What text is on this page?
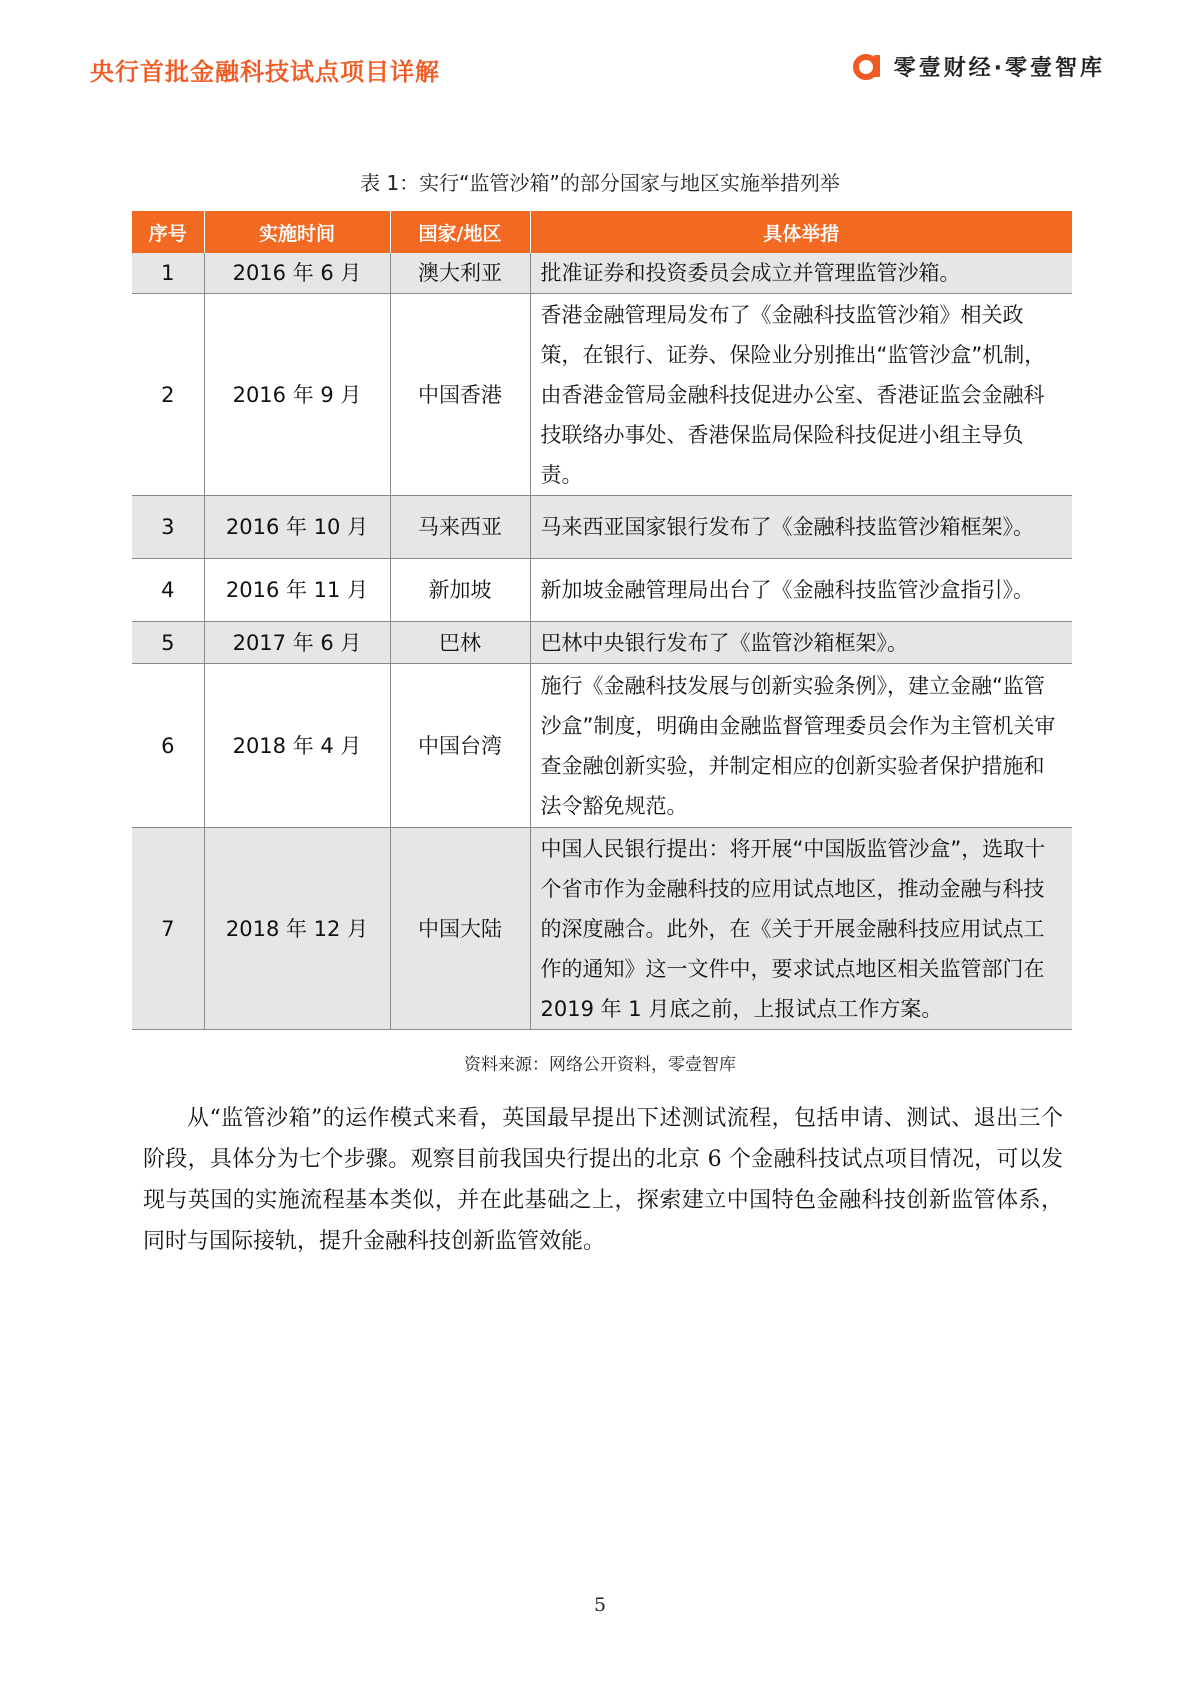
央行首批金融科技试点项目详解	零壹财经·零壹智库
表 1：实行“监管沙箱”的部分国家与地区实施举措列举
序号	实施时间	国家/地区	具体举措
1	2016 年 6 月	澳大利亚	批准证券和投资委员会成立并管理监管沙箱。
2	2016 年 9 月	中国香港	香港金融管理局发布了《金融科技监管沙箱》相关政策，在银行、证券、保险业分别推出“监管沙盒”机制，由香港金管局金融科技促进办公室、香港证监会金融科技联络办事处、香港保监局保险科技促进小组主导负责。
3	2016 年 10 月	马来西亚	马来西亚国家银行发布了《金融科技监管沙箱框架》。
4	2016 年 11 月	新加坡	新加坡金融管理局出台了《金融科技监管沙盒指引》。
5	2017 年 6 月	巴林	巴林中央银行发布了《监管沙箱框架》。
6	2018 年 4 月	中国台湾	施行《金融科技发展与创新实验条例》，建立金融“监管沙盒”制度，明确由金融监督管理委员会作为主管机关审查金融创新实验，并制定相应的创新实验者保护措施和法令豁免规范。
7	2018 年 12 月	中国大陆	中国人民银行提出：将开展“中国版监管沙盒”，选取十个省市作为金融科技的应用试点地区，推动金融与科技的深度融合。此外，在《关于开展金融科技应用试点工作的通知》这一文件中，要求试点地区相关监管部门在 2019 年 1 月底之前，上报试点工作方案。
资料来源：网络公开资料，零壹智库
从“监管沙箱”的运作模式来看，英国最早提出下述测试流程，包括申请、测试、退出三个阶段，具体分为七个步骤。观察目前我国央行提出的北京 6 个金融科技试点项目情况，可以发现与英国的实施流程基本类似，并在此基础之上，探索建立中国特色金融科技创新监管体系，同时与国际接轨，提升金融科技创新监管效能。
5
